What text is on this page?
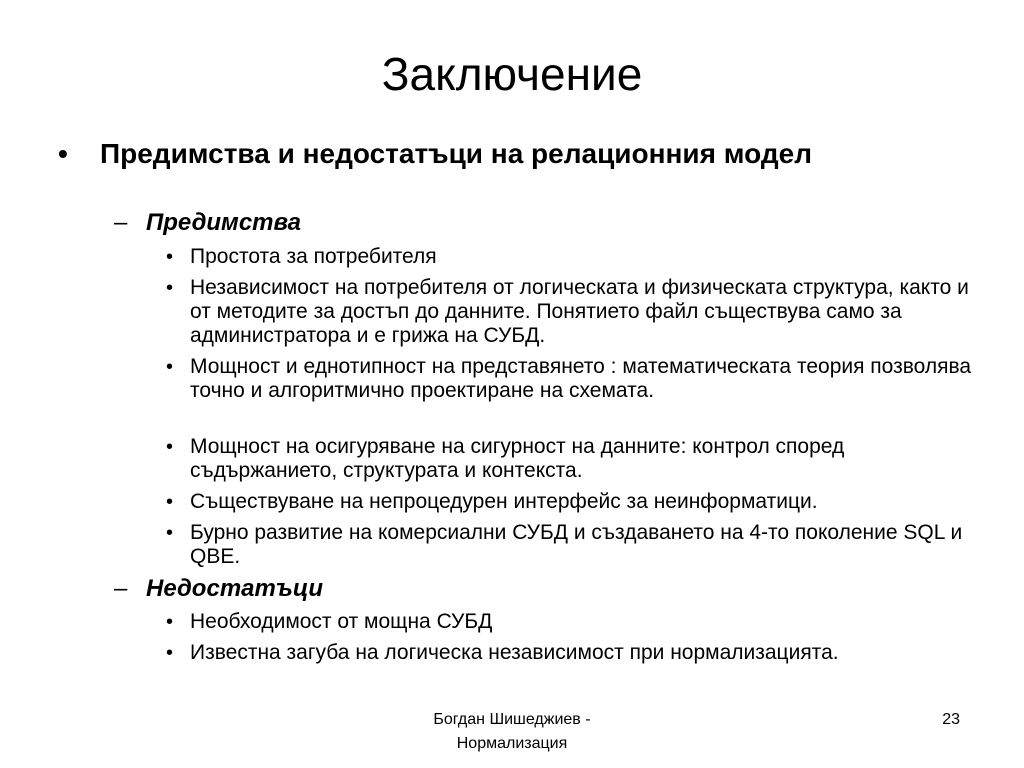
Заключение
• Предимства и недостатъци на релационния модел
– Предимства
• Простота за потребителя
• Независимост на потребителя от логическата и физическата структура, както и от методите за достъп до данните. Понятието файл съществува само за администратора и е грижа на СУБД.
• Мощност и еднотипност на представянето : математическата теория позволява точно и алгоритмично проектиране на схемата.
• Мощност на осигуряване на сигурност на данните: контрол според съдържанието, структурата и контекста.
• Съществуване на непроцедурен интерфейс за неинформатици.
• Бурно развитие на комерсиални СУБД и създаването на 4-то поколение SQL и QBE.
– Недостатъци
• Необходимост от мощна СУБД
• Известна загуба на логическа независимост при нормализацията.
Богдан Шишеджиев -
Нормализация
23
